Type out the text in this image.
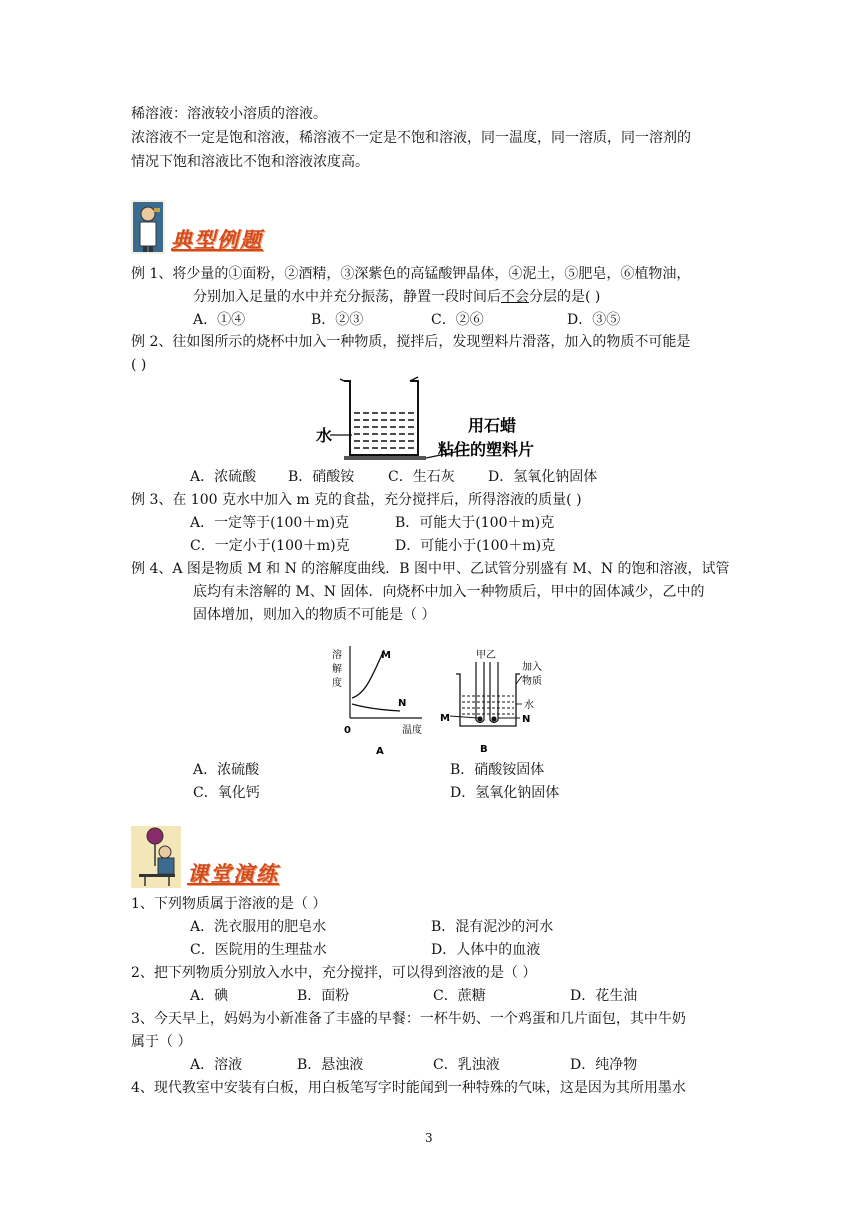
稀溶液：溶液较小溶质的溶液。
浓溶液不一定是饱和溶液，稀溶液不一定是不饱和溶液，同一温度，同一溶质，同一溶剂的
情况下饱和溶液比不饱和溶液浓度高。
典型例题
例 1、将少量的①面粉，②酒精，③深紫色的高锰酸钾晶体，④泥土，⑤肥皂，⑥植物油，
分别加入足量的水中并充分振荡，静置一段时间后不会分层的是( )
A．①④	B．②③	C．②⑥	D．③⑤
例 2、往如图所示的烧杯中加入一种物质，搅拌后，发现塑料片滑落，加入的物质不可能是
( )
水
用石蜡
粘住的塑料片
A．浓硫酸 B．硝酸铵 C．生石灰 D．氢氧化钠固体
例 3、在 100 克水中加入 m 克的食盐，充分搅拌后，所得溶液的质量( )
A．一定等于(100＋m)克	B．可能大于(100＋m)克
C．一定小于(100＋m)克	D．可能小于(100＋m)克
例 4、A 图是物质 M 和 N 的溶解度曲线．B 图中甲、乙试管分别盛有 M、N 的饱和溶液，试管
底均有未溶解的 M、N 固体．向烧杯中加入一种物质后，甲中的固体减少，乙中的
固体增加，则加入的物质不可能是（ ）
溶
解
度
M
N
0	温度
A
甲乙
加入
物质
水
M	N
B
A．浓硫酸	B．硝酸铵固体
C．氧化钙	D．氢氧化钠固体
课堂演练
1、下列物质属于溶液的是（ ）
A．洗衣服用的肥皂水	B．混有泥沙的河水
C．医院用的生理盐水	D．人体中的血液
2、把下列物质分别放入水中，充分搅拌，可以得到溶液的是（ ）
A．碘	B．面粉	C．蔗糖	D．花生油
3、今天早上，妈妈为小新准备了丰盛的早餐：一杯牛奶、一个鸡蛋和几片面包，其中牛奶
属于（ ）
A．溶液	B．悬浊液	C．乳浊液	D．纯净物
4、现代教室中安装有白板，用白板笔写字时能闻到一种特殊的气味，这是因为其所用墨水
3
